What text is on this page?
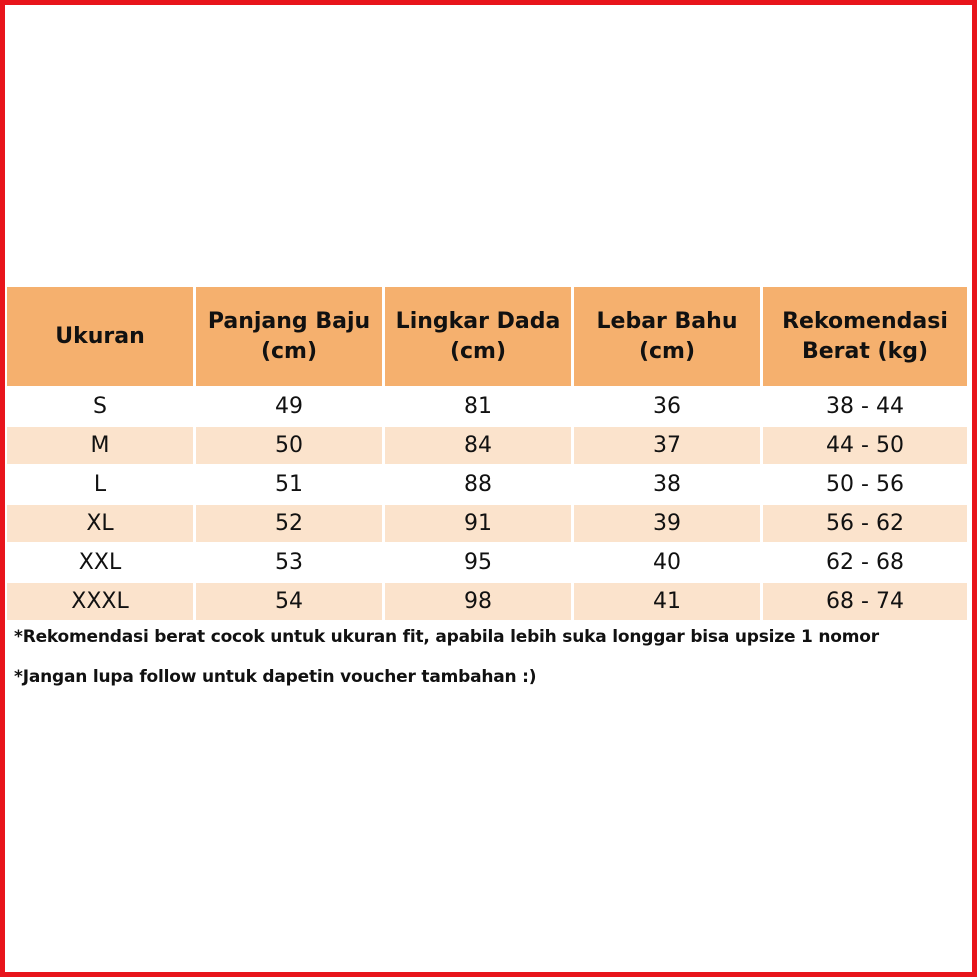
Ukuran	Panjang Baju (cm)	Lingkar Dada (cm)	Lebar Bahu (cm)	Rekomendasi Berat (kg)
S	49	81	36	38 - 44
M	50	84	37	44 - 50
L	51	88	38	50 - 56
XL	52	91	39	56 - 62
XXL	53	95	40	62 - 68
XXXL	54	98	41	68 - 74
*Rekomendasi berat cocok untuk ukuran fit, apabila lebih suka longgar bisa upsize 1 nomor
*Jangan lupa follow untuk dapetin voucher tambahan :)
